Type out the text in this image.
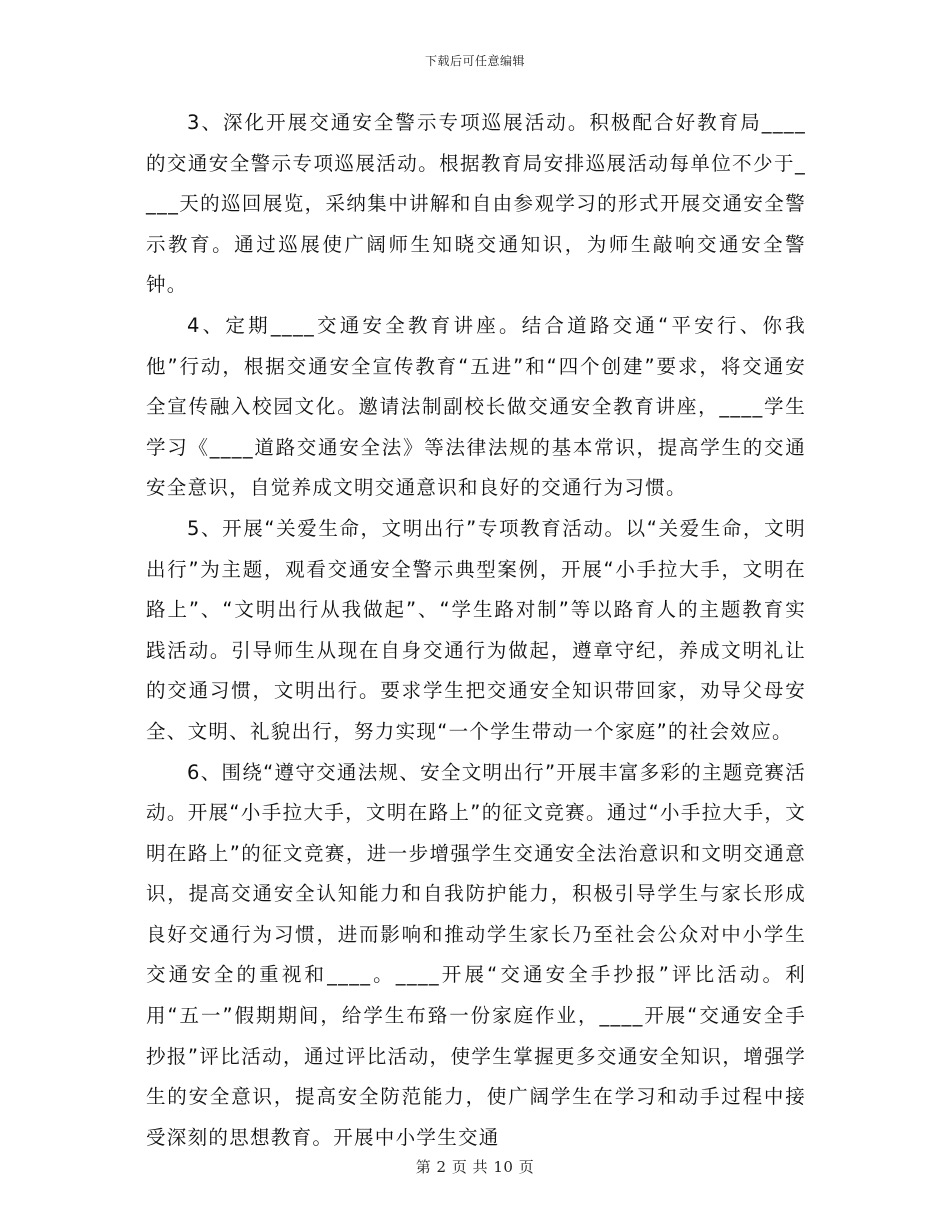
下载后可任意编辑

3、深化开展交通安全警示专项巡展活动。积极配合好教育局____的交通安全警示专项巡展活动。根据教育局安排巡展活动每单位不少于____天的巡回展览，采纳集中讲解和自由参观学习的形式开展交通安全警示教育。通过巡展使广阔师生知晓交通知识，为师生敲响交通安全警钟。

4、定期____交通安全教育讲座。结合道路交通“平安行、你我他”行动，根据交通安全宣传教育“五进”和“四个创建”要求，将交通安全宣传融入校园文化。邀请法制副校长做交通安全教育讲座，____学生学习《____道路交通安全法》等法律法规的基本常识，提高学生的交通安全意识，自觉养成文明交通意识和良好的交通行为习惯。

5、开展“关爱生命，文明出行”专项教育活动。以“关爱生命，文明出行”为主题，观看交通安全警示典型案例，开展“小手拉大手，文明在路上”、“文明出行从我做起”、“学生路对制”等以路育人的主题教育实践活动。引导师生从现在自身交通行为做起，遵章守纪，养成文明礼让的交通习惯，文明出行。要求学生把交通安全知识带回家，劝导父母安全、文明、礼貌出行，努力实现“一个学生带动一个家庭”的社会效应。

6、围绕“遵守交通法规、安全文明出行”开展丰富多彩的主题竞赛活动。开展“小手拉大手，文明在路上”的征文竞赛。通过“小手拉大手，文明在路上”的征文竞赛，进一步增强学生交通安全法治意识和文明交通意识，提高交通安全认知能力和自我防护能力，积极引导学生与家长形成良好交通行为习惯，进而影响和推动学生家长乃至社会公众对中小学生交通安全的重视和____。____开展“交通安全手抄报”评比活动。利用“五一”假期期间，给学生布臵一份家庭作业，____开展“交通安全手抄报”评比活动，通过评比活动，使学生掌握更多交通安全知识，增强学生的安全意识，提高安全防范能力，使广阔学生在学习和动手过程中接受深刻的思想教育。开展中小学生交通

第 2 页 共 10 页
